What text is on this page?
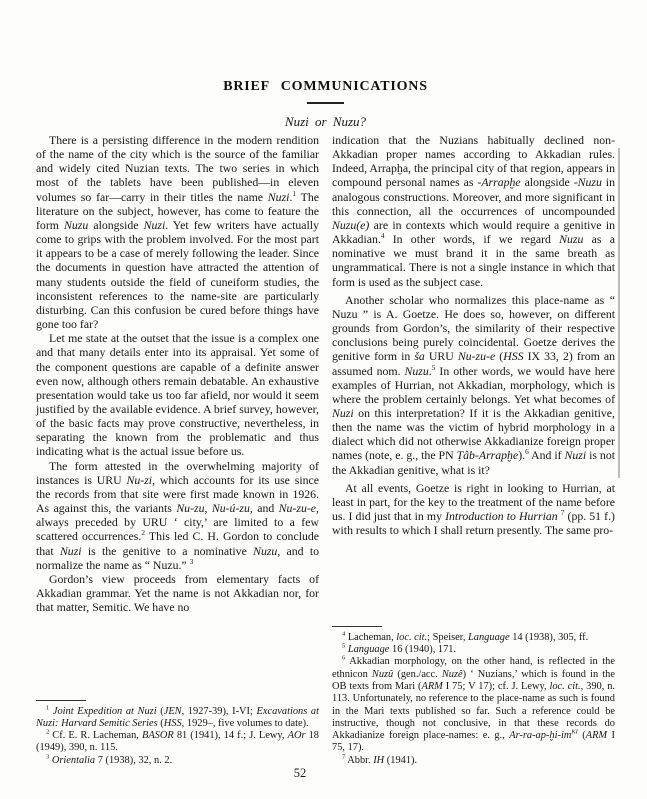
BRIEF COMMUNICATIONS
Nuzi or Nuzu?

There is a persisting difference in the modern rendition of the name of the city which is the source of the familiar and widely cited Nuzian texts. The two series in which most of the tablets have been published—in eleven volumes so far—carry in their titles the name Nuzi.$^1$ The literature on the subject, however, has come to feature the form Nuzu alongside Nuzi. Yet few writers have actually come to grips with the problem involved. For the most part it appears to be a case of merely following the leader. Since the documents in question have attracted the attention of many students outside the field of cuneiform studies, the inconsistent references to the name-site are particularly disturbing. Can this confusion be cured before things have gone too far?

Let me state at the outset that the issue is a complex one and that many details enter into its appraisal. Yet some of the component questions are capable of a definite answer even now, although others remain debatable. An exhaustive presentation would take us too far afield, nor would it seem justified by the available evidence. A brief survey, however, of the basic facts may prove constructive, nevertheless, in separating the known from the problematic and thus indicating what is the actual issue before us.

The form attested in the overwhelming majority of instances is URU Nu-zi, which accounts for its use since the records from that site were first made known in 1926. As against this, the variants Nu-zu, Nu-ú-zu, and Nu-zu-e, always preceded by URU ‘ city,’ are limited to a few scattered occurrences.$^2$ This led C. H. Gordon to conclude that Nuzi is the genitive to a nominative Nuzu, and to normalize the name as “ Nuzu.” $^3$

Gordon’s view proceeds from elementary facts of Akkadian grammar. Yet the name is not Akkadian nor, for that matter, Semitic. We have no

$^1$ Joint Expedition at Nuzi (JEN, 1927-39), I-VI; Excavations at Nuzi: Harvard Semitic Series (HSS, 1929–, five volumes to date).

$^2$ Cf. E. R. Lacheman, BASOR 81 (1941), 14 f.; J. Lewy, AOr 18 (1949), 390, n. 115.

$^3$ Orientalia 7 (1938), 32, n. 2.

indication that the Nuzians habitually declined non-Akkadian proper names according to Akkadian rules. Indeed, Arrapḫa, the principal city of that region, appears in compound personal names as -Arrapḫe alongside -Nuzu in analogous constructions. Moreover, and more significant in this connection, all the occurrences of uncompounded Nuzu(e) are in contexts which would require a genitive in Akkadian.$^4$ In other words, if we regard Nuzu as a nominative we must brand it in the same breath as ungrammatical. There is not a single instance in which that form is used as the subject case.

Another scholar who normalizes this place-name as “ Nuzu ” is A. Goetze. He does so, however, on different grounds from Gordon’s, the similarity of their respective conclusions being purely coincidental. Goetze derives the genitive form in ša URU Nu-zu-e (HSS IX 33, 2) from an assumed nom. Nuzu.$^5$ In other words, we would have here examples of Hurrian, not Akkadian, morphology, which is where the problem certainly belongs. Yet what becomes of Nuzi on this interpretation? If it is the Akkadian genitive, then the name was the victim of hybrid morphology in a dialect which did not otherwise Akkadianize foreign proper names (note, e. g., the PN Ṭâb-Arrapḫe).$^6$ And if Nuzi is not the Akkadian genitive, what is it?

At all events, Goetze is right in looking to Hurrian, at least in part, for the key to the treatment of the name before us. I did just that in my Introduction to Hurrian $^7$ (pp. 51 f.) with results to which I shall return presently. The same pro-

$^4$ Lacheman, loc. cit.; Speiser, Language 14 (1938), 305, ff.

$^5$ Language 16 (1940), 171.

$^6$ Akkadian morphology, on the other hand, is reflected in the ethnicon Nuzû (gen./acc. Nuzê) ‘ Nuzians,’ which is found in the OB texts from Mari (ARM I 75; V 17); cf. J. Lewy, loc. cit., 390, n. 113. Unfortunately, no reference to the place-name as such is found in the Mari texts published so far. Such a reference could be instructive, though not conclusive, in that these records do Akkadianize foreign place-names: e. g., $Ar-ra-ap-ḫi-im^{KI}$ (ARM I 75, 17).

$^7$ Abbr. IH (1941).

52
